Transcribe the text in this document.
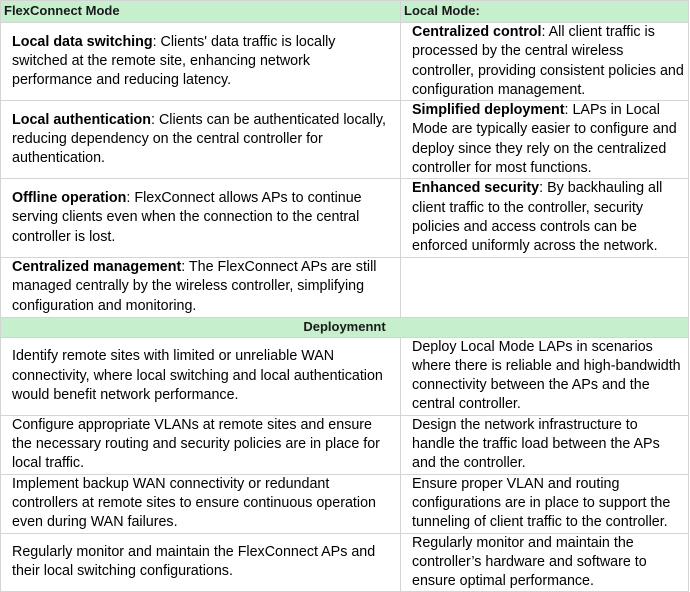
FlexConnect Mode	Local Mode:

Local data switching: Clients' data traffic is locally switched at the remote site, enhancing network performance and reducing latency.	Centralized control: All client traffic is processed by the central wireless controller, providing consistent policies and configuration management.

Local authentication: Clients can be authenticated locally, reducing dependency on the central controller for authentication.	Simplified deployment: LAPs in Local Mode are typically easier to configure and deploy since they rely on the centralized controller for most functions.

Offline operation: FlexConnect allows APs to continue serving clients even when the connection to the central controller is lost.	Enhanced security: By backhauling all client traffic to the controller, security policies and access controls can be enforced uniformly across the network.

Centralized management: The FlexConnect APs are still managed centrally by the wireless controller, simplifying configuration and monitoring.	

Deploymennt	

Identify remote sites with limited or unreliable WAN connectivity, where local switching and local authentication would benefit network performance.	Deploy Local Mode LAPs in scenarios where there is reliable and high-bandwidth connectivity between the APs and the central controller.

Configure appropriate VLANs at remote sites and ensure the necessary routing and security policies are in place for local traffic.	Design the network infrastructure to handle the traffic load between the APs and the controller.

Implement backup WAN connectivity or redundant controllers at remote sites to ensure continuous operation even during WAN failures.	Ensure proper VLAN and routing configurations are in place to support the tunneling of client traffic to the controller.

Regularly monitor and maintain the FlexConnect APs and their local switching configurations.	Regularly monitor and maintain the controller’s hardware and software to ensure optimal performance.
